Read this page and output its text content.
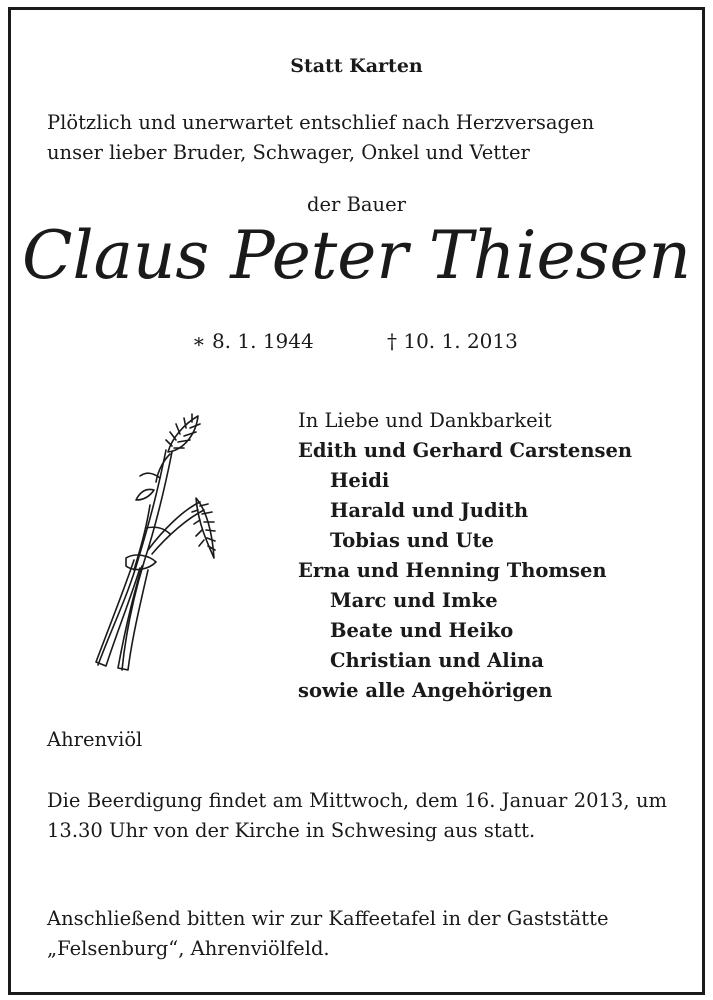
Statt Karten

Plötzlich und unerwartet entschlief nach Herzversagen
unser lieber Bruder, Schwager, Onkel und Vetter

der Bauer

Claus Peter Thiesen

∗ 8. 1. 1944	† 10. 1. 2013

In Liebe und Dankbarkeit
Edith und Gerhard Carstensen
Heidi
Harald und Judith
Tobias und Ute
Erna und Henning Thomsen
Marc und Imke
Beate und Heiko
Christian und Alina
sowie alle Angehörigen

Ahrenviöl

Die Beerdigung findet am Mittwoch, dem 16. Januar 2013, um 13.30 Uhr von der Kirche in Schwesing aus statt.

Anschließend bitten wir zur Kaffeetafel in der Gaststätte
„Felsenburg“, Ahrenviölfeld.
